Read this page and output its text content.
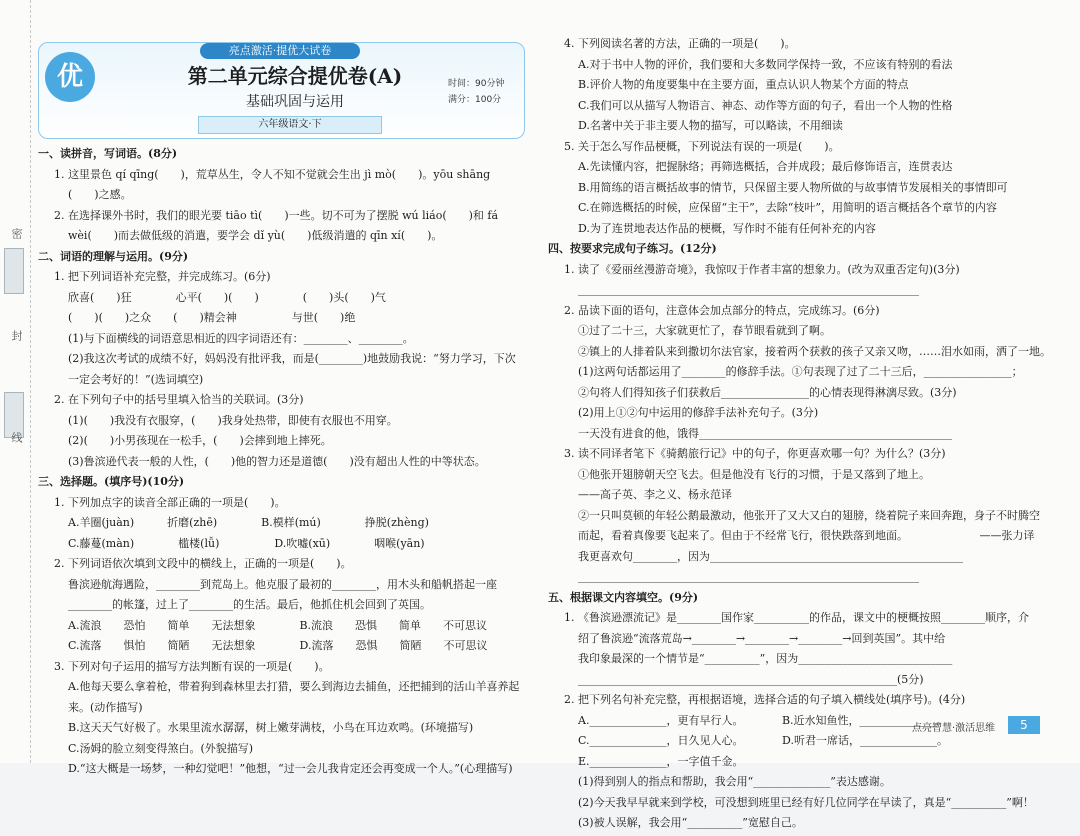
密
封
线
亮点激活·提优大试卷
优	第二单元综合提优卷(A)
基础巩固与运用
时间：90分钟
满分：100分
六年级语文·下

一、读拼音，写词语。(8分)

1. 这里景色 qí qīng(　　)，荒草丛生，令人不知不觉就会生出 jì mò(　　)。yōu shāng

(　　)之感。

2. 在选择课外书时，我们的眼光要 tiāo tì(　　)一些。切不可为了摆脱 wú liáo(　　)和 fá

wèi(　　)而去做低级的消遣，要学会 dǐ yù(　　)低级消遣的 qīn xí(　　)。

二、词语的理解与运用。(9分)

1. 把下列词语补充完整，并完成练习。(6分)

欣喜(　　)狂　　　　心平(　　)(　　)　　　　(　　)头(　　)气

(　　)(　　)之众　　(　　)精会神　　　　　与世(　　)绝

(1)与下面横线的词语意思相近的四字词语还有：________、________。

(2)我这次考试的成绩不好，妈妈没有批评我，而是(________)地鼓励我说：“努力学习，下次

一定会考好的！”(选词填空)

2. 在下列句子中的括号里填入恰当的关联词。(3分)

(1)(　　)我没有衣服穿，(　　)我身处热带，即使有衣服也不用穿。

(2)(　　)小男孩现在一松手，(　　)会摔到地上摔死。

(3)鲁滨逊代表一般的人性，(　　)他的智力还是道德(　　)没有超出人性的中等状态。

三、选择题。(填序号)(10分)

1. 下列加点字的读音全部正确的一项是(　　)。

A.羊圈(juàn)　　　折磨(zhē)　　　　B.模样(mú)　　　　挣脱(zhèng)

C.藤蔓(màn)　　　　槛楼(lǚ)　　　　　D.吹嘘(xū)　　　　咽喉(yān)

2. 下列词语依次填到文段中的横线上，正确的一项是(　　)。

鲁滨逊航海遇险，________到荒岛上。他克服了最初的________，用木头和船帆搭起一座

________的帐篷，过上了________的生活。最后，他抓住机会回到了英国。

A.流浪　　恐怕　　简单　　无法想象　　　　B.流浪　　恐惧　　简单　　不可思议

C.流落　　惧怕　　简陋　　无法想象　　　　D.流落　　恐惧　　简陋　　不可思议

3. 下列对句子运用的描写方法判断有误的一项是(　　)。

A.他每天要么拿着枪，带着狗到森林里去打猎，要么到海边去捕鱼，还把捕到的活山羊喜养起

来。(动作描写)

B.这天天气好极了。水果里流水潺潺，树上嫩芽满枝，小鸟在耳边欢鸣。(环境描写)

C.汤姆的脸立刻变得煞白。(外貌描写)

D.“这大概是一场梦，一种幻觉吧！”他想，“过一会儿我肯定还会再变成一个人。”(心理描写)

4. 下列阅读名著的方法，正确的一项是(　　)。

A.对于书中人物的评价，我们要和大多数同学保持一致，不应该有特别的看法

B.评价人物的角度要集中在主要方面，重点认识人物某个方面的特点

C.我们可以从描写人物语言、神态、动作等方面的句子，看出一个人物的性格

D.名著中关于非主要人物的描写，可以略读，不用细读

5. 关于怎么写作品梗概，下列说法有误的一项是(　　)。

A.先读懂内容，把握脉络；再筛选概括，合并成段；最后修饰语言，连贯表达

B.用简练的语言概括故事的情节，只保留主要人物所做的与故事情节发展相关的事情即可

C.在筛选概括的时候，应保留“主干”，去除“枝叶”，用简明的语言概括各个章节的内容

D.为了连贯地表达作品的梗概，写作时不能有任何补充的内容

四、按要求完成句子练习。(12分)

1. 读了《爱丽丝漫游奇境》，我惊叹于作者丰富的想象力。(改为双重否定句)(3分)

______________________________________________________________

2. 品读下面的语句，注意体会加点部分的特点，完成练习。(6分)

①过了二十三，大家就更忙了，春节眼看就到了啊。

②镇上的人排着队来到撒切尔法官家，接着两个获救的孩子又亲又吻，……泪水如雨，洒了一地。

(1)这两句话都运用了________的修辞手法。①句表现了过了二十三后，________________；

②句将人们得知孩子们获救后________________的心情表现得淋漓尽致。(3分)

(2)用上①②句中运用的修辞手法补充句子。(3分)

一天没有进食的他，饿得______________________________________________

3. 读不同译者笔下《骑鹅旅行记》中的句子，你更喜欢哪一句？为什么？(3分)

①他张开翅膀朝天空飞去。但是他没有飞行的习惯，于是又落到了地上。

——高子英、李之义、杨永范译

②一只叫莫顿的年轻公鹅最激动，他张开了又大又白的翅膀，绕着院子来回奔跑，身子不时腾空

而起，看着真像要飞起来了。但由于不经常飞行，很快跌落到地面。　　　　　　　——张力译

我更喜欢句________，因为______________________________________________

______________________________________________________________

五、根据课文内容填空。(9分)

1. 《鲁滨逊漂流记》是________国作家__________的作品，课文中的梗概按照________顺序，介

绍了鲁滨逊“流落荒岛→________→________→________→回到英国”。其中给

我印象最深的一个情节是“__________”，因为____________________________

__________________________________________________________(5分)

2. 把下列名句补充完整，再根据语境，选择合适的句子填入横线处(填序号)。(4分)

A.______________，更有早行人。　　　　B.近水知鱼性，______________。

C.______________，日久见人心。　　　　D.听君一席话，______________。

E.______________，一字值千金。

(1)得到别人的指点和帮助，我会用“______________”表达感谢。

(2)今天我早早就来到学校，可没想到班里已经有好几位同学在早读了，真是“__________”啊！

(3)被人误解，我会用“__________”宽慰自己。

点亮智慧·激活思维	5
